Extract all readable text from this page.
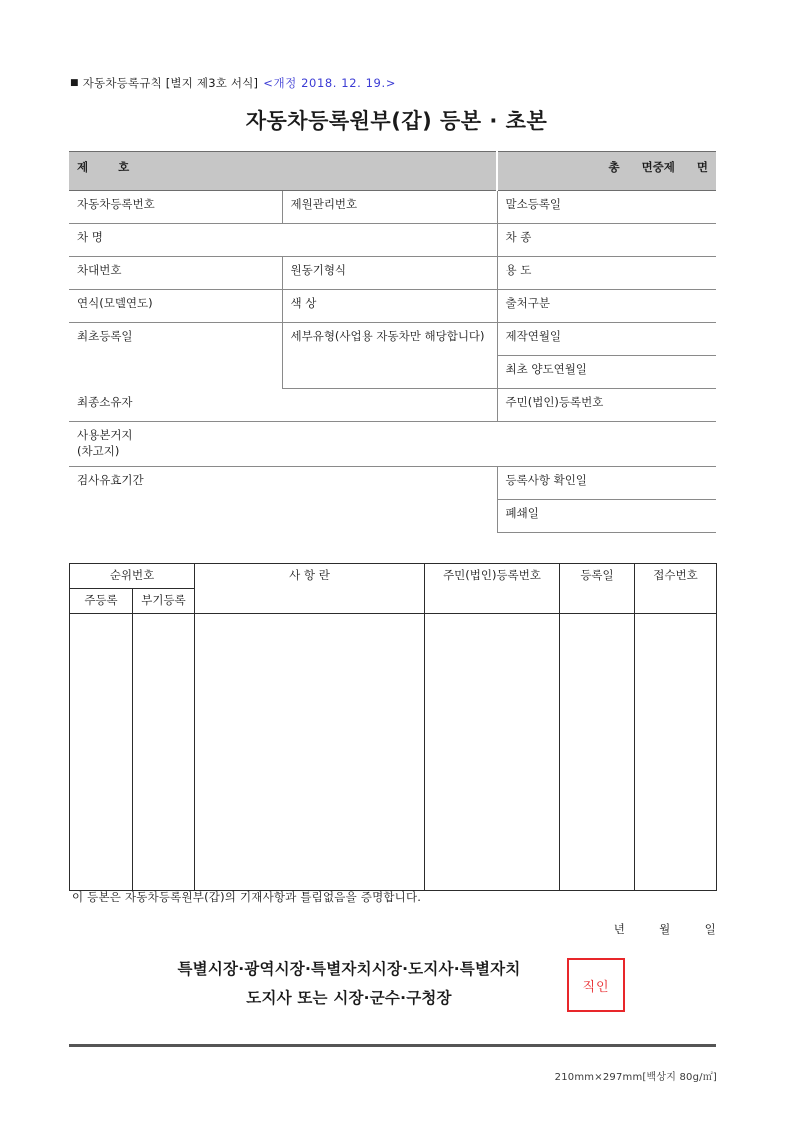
■ 자동차등록규칙 [별지 제3호 서식] <개정 2018. 12. 19.>
자동차등록원부(갑) 등본 · 초본
제 호		총 면중제 면
자동차등록번호	제원관리번호	말소등록일
차 명		차 종
차대번호	원동기형식	용 도
연식(모델연도)	색 상	출처구분
최초등록일	세부유형(사업용 자동차만 해당합니다)	제작연월일
		최초 양도연월일
최종소유자		주민(법인)등록번호
사용본거지
(차고지)		
검사유효기간		등록사항 확인일
		폐쇄일
순위번호		사 항 란	주민(법인)등록번호	등록일	접수번호
주등록	부기등록				

이 등본은 자동차등록원부(갑)의 기재사항과 틀림없음을 증명합니다.
년	월	일
특별시장·광역시장·특별자치시장·도지사·특별자치
도지사 또는 시장·군수·구청장
직인
210mm×297mm[백상지 80g/㎡]
